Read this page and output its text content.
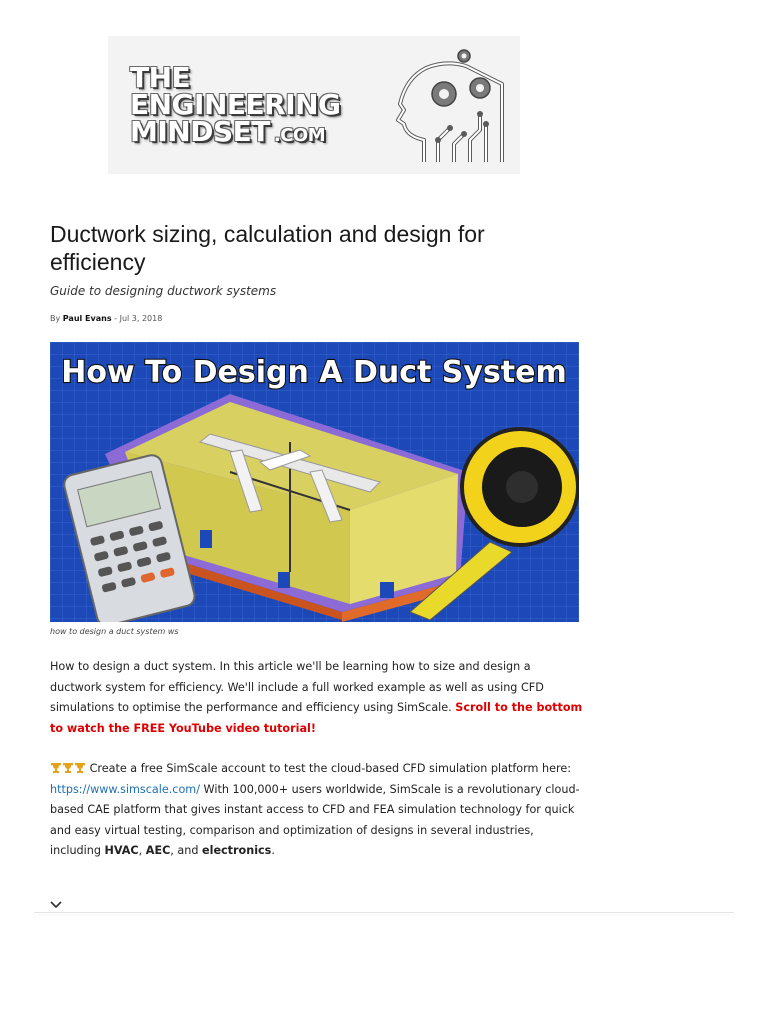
THE
ENGINEERING
MINDSET .COM
Ductwork sizing, calculation and design for efficiency
Guide to designing ductwork systems
By Paul Evans - Jul 3, 2018
How To Design A Duct System
how to design a duct system ws

How to design a duct system. In this article we'll be learning how to size and design a ductwork system for efficiency. We'll include a full worked example as well as using CFD simulations to optimise the performance and efficiency using SimScale. Scroll to the bottom to watch the FREE YouTube video tutorial!

Create a free SimScale account to test the cloud-based CFD simulation platform here: https://www.simscale.com/ With 100,000+ users worldwide, SimScale is a revolutionary cloud-based CAE platform that gives instant access to CFD and FEA simulation technology for quick and easy virtual testing, comparison and optimization of designs in several industries, including HVAC, AEC, and electronics.
